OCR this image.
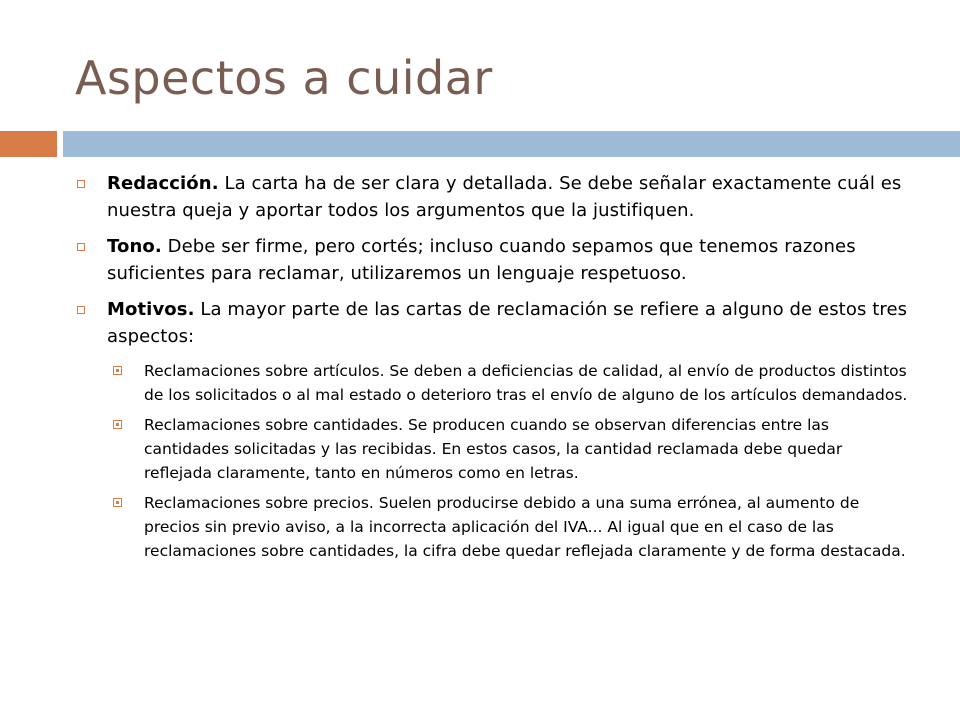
Aspectos a cuidar
Redacción. La carta ha de ser clara y detallada. Se debe señalar exactamente cuál es nuestra queja y aportar todos los argumentos que la justifiquen.
Tono. Debe ser firme, pero cortés; incluso cuando sepamos que tenemos razones suficientes para reclamar, utilizaremos un lenguaje respetuoso.
Motivos. La mayor parte de las cartas de reclamación se refiere a alguno de estos tres aspectos:
Reclamaciones sobre artículos. Se deben a deficiencias de calidad, al envío de productos distintos de los solicitados o al mal estado o deterioro tras el envío de alguno de los artículos demandados.
Reclamaciones sobre cantidades. Se producen cuando se observan diferencias entre las cantidades solicitadas y las recibidas. En estos casos, la cantidad reclamada debe quedar reflejada claramente, tanto en números como en letras.
Reclamaciones sobre precios. Suelen producirse debido a una suma errónea, al aumento de precios sin previo aviso, a la incorrecta aplicación del IVA... Al igual que en el caso de las reclamaciones sobre cantidades, la cifra debe quedar reflejada claramente y de forma destacada.
